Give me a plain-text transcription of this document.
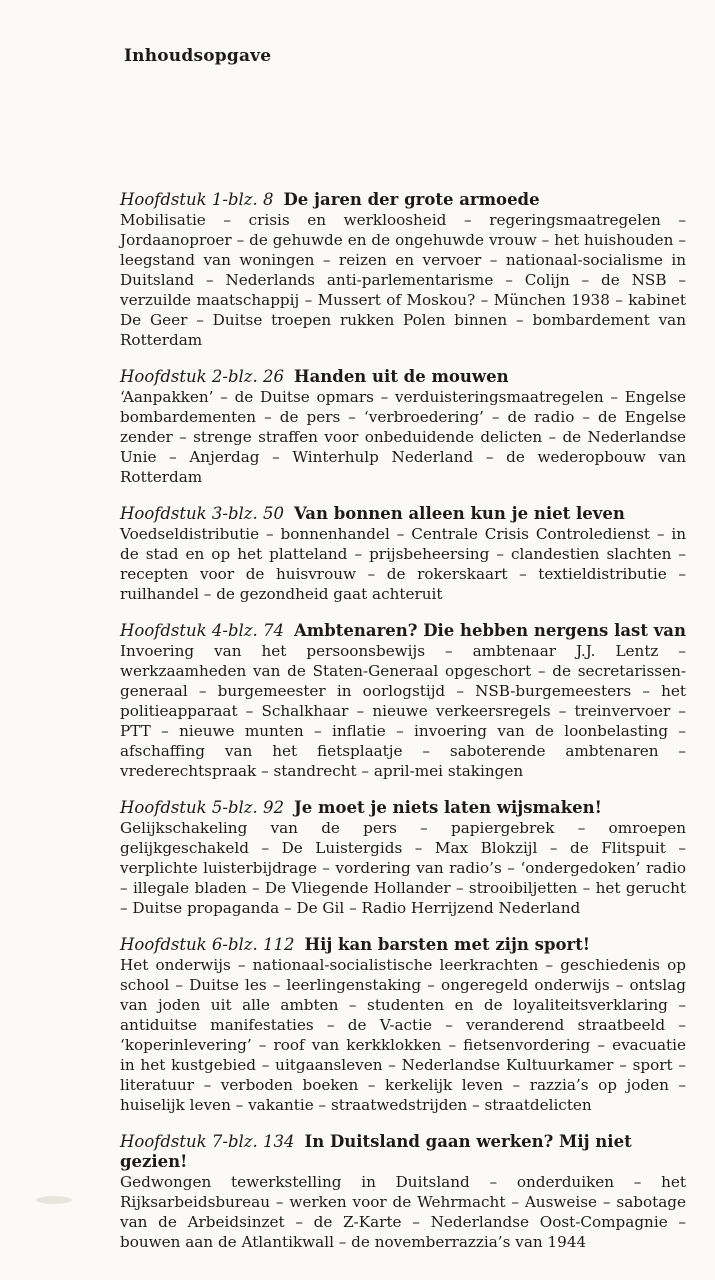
Inhoudsopgave

Hoofdstuk 1-blz. 8 De jaren der grote armoede

Mobilisatie – crisis en werkloosheid – regeringsmaatregelen – Jordaanoproer – de gehuwde en de ongehuwde vrouw – het huishouden – leegstand van woningen – reizen en vervoer – nationaal-socialisme in Duitsland – Nederlands anti-parlementarisme – Colijn – de NSB – verzuilde maatschappij – Mussert of Moskou? – München 1938 – kabinet De Geer – Duitse troepen rukken Polen binnen – bombardement van Rotterdam

Hoofdstuk 2-blz. 26 Handen uit de mouwen

‘Aanpakken’ – de Duitse opmars – verduisteringsmaatregelen – Engelse bombardementen – de pers – ‘verbroedering’ – de radio – de Engelse zender – strenge straffen voor onbeduidende delicten – de Nederlandse Unie – Anjerdag – Winterhulp Nederland – de wederopbouw van Rotterdam

Hoofdstuk 3-blz. 50 Van bonnen alleen kun je niet leven

Voedseldistributie – bonnenhandel – Centrale Crisis Controledienst – in de stad en op het platteland – prijsbeheersing – clandestien slachten – recepten voor de huisvrouw – de rokerskaart – textieldistributie – ruilhandel – de gezondheid gaat achteruit

Hoofdstuk 4-blz. 74 Ambtenaren? Die hebben nergens last van

Invoering van het persoonsbewijs – ambtenaar J.J. Lentz – werkzaamheden van de Staten-Generaal opgeschort – de secretarissen-generaal – burgemeester in oorlogstijd – NSB-burgemeesters – het politieapparaat – Schalkhaar – nieuwe verkeersregels – treinvervoer – PTT – nieuwe munten – inflatie – invoering van de loonbelasting – afschaffing van het fietsplaatje – saboterende ambtenaren – vrederechtspraak – standrecht – april-mei stakingen

Hoofdstuk 5-blz. 92 Je moet je niets laten wijsmaken!

Gelijkschakeling van de pers – papiergebrek – omroepen gelijkgeschakeld – De Luistergids – Max Blokzijl – de Flitspuit – verplichte luisterbijdrage – vordering van radio’s – ‘ondergedoken’ radio – illegale bladen – De Vliegende Hollander – strooibiljetten – het gerucht – Duitse propaganda – De Gil – Radio Herrijzend Nederland

Hoofdstuk 6-blz. 112 Hij kan barsten met zijn sport!

Het onderwijs – nationaal-socialistische leerkrachten – geschiedenis op school – Duitse les – leerlingenstaking – ongeregeld onderwijs – ontslag van joden uit alle ambten – studenten en de loyaliteitsverklaring – antiduitse manifestaties – de V-actie – veranderend straatbeeld – ‘koperinlevering’ – roof van kerkklokken – fietsenvordering – evacuatie in het kustgebied – uitgaansleven – Nederlandse Kultuurkamer – sport – literatuur – verboden boeken – kerkelijk leven – razzia’s op joden – huiselijk leven – vakantie – straatwedstrijden – straatdelicten

Hoofdstuk 7-blz. 134 In Duitsland gaan werken? Mij niet gezien!

Gedwongen tewerkstelling in Duitsland – onderduiken – het Rijksarbeidsbureau – werken voor de Wehrmacht – Ausweise – sabotage van de Arbeidsinzet – de Z-Karte – Nederlandse Oost-Compagnie – bouwen aan de Atlantikwall – de novemberrazzia’s van 1944
